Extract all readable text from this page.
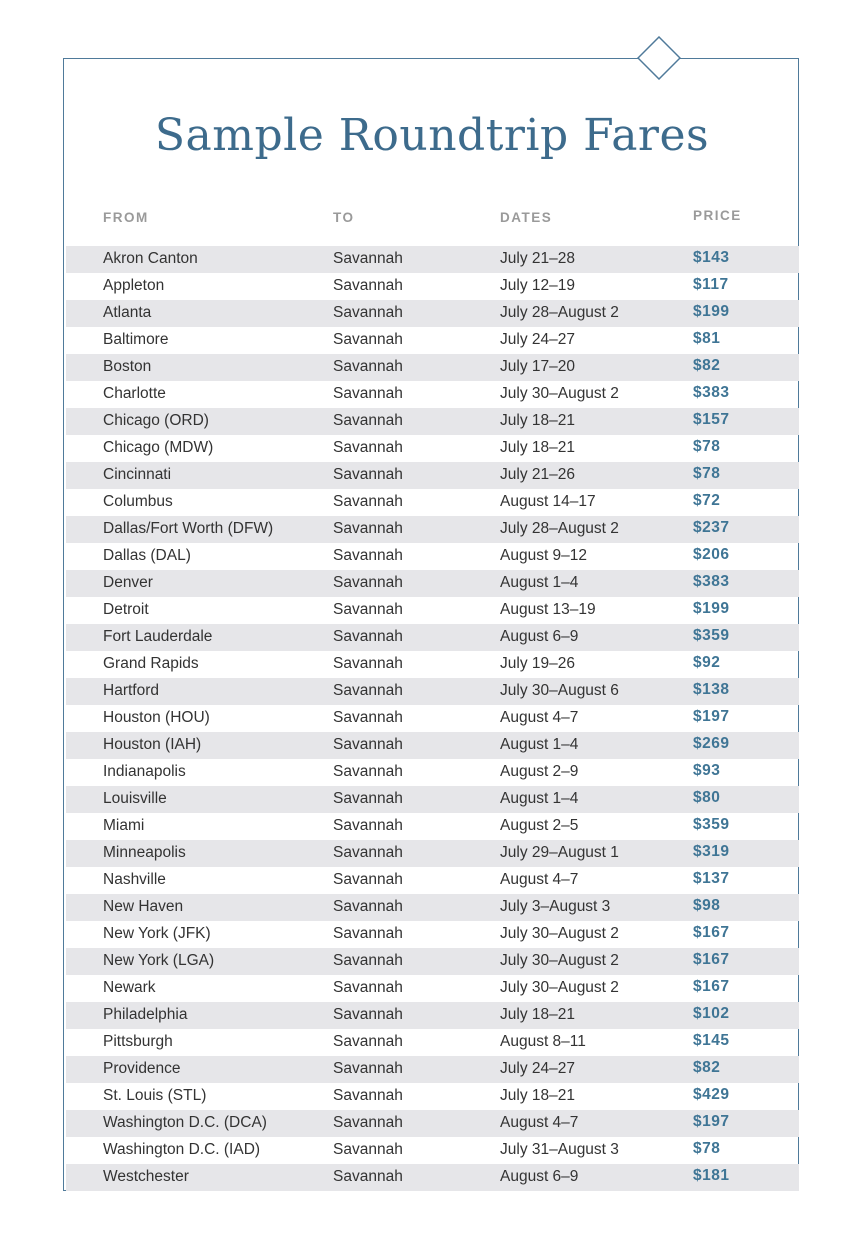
Sample Roundtrip Fares
FROM	TO	DATES	PRICE
Akron Canton	Savannah	July 21–28	$143
Appleton	Savannah	July 12–19	$117
Atlanta	Savannah	July 28–August 2	$199
Baltimore	Savannah	July 24–27	$81
Boston	Savannah	July 17–20	$82
Charlotte	Savannah	July 30–August 2	$383
Chicago (ORD)	Savannah	July 18–21	$157
Chicago (MDW)	Savannah	July 18–21	$78
Cincinnati	Savannah	July 21–26	$78
Columbus	Savannah	August 14–17	$72
Dallas/Fort Worth (DFW)	Savannah	July 28–August 2	$237
Dallas (DAL)	Savannah	August 9–12	$206
Denver	Savannah	August 1–4	$383
Detroit	Savannah	August 13–19	$199
Fort Lauderdale	Savannah	August 6–9	$359
Grand Rapids	Savannah	July 19–26	$92
Hartford	Savannah	July 30–August 6	$138
Houston (HOU)	Savannah	August 4–7	$197
Houston (IAH)	Savannah	August 1–4	$269
Indianapolis	Savannah	August 2–9	$93
Louisville	Savannah	August 1–4	$80
Miami	Savannah	August 2–5	$359
Minneapolis	Savannah	July 29–August 1	$319
Nashville	Savannah	August 4–7	$137
New Haven	Savannah	July 3–August 3	$98
New York (JFK)	Savannah	July 30–August 2	$167
New York (LGA)	Savannah	July 30–August 2	$167
Newark	Savannah	July 30–August 2	$167
Philadelphia	Savannah	July 18–21	$102
Pittsburgh	Savannah	August 8–11	$145
Providence	Savannah	July 24–27	$82
St. Louis (STL)	Savannah	July 18–21	$429
Washington D.C. (DCA)	Savannah	August 4–7	$197
Washington D.C. (IAD)	Savannah	July 31–August 3	$78
Westchester	Savannah	August 6–9	$181
